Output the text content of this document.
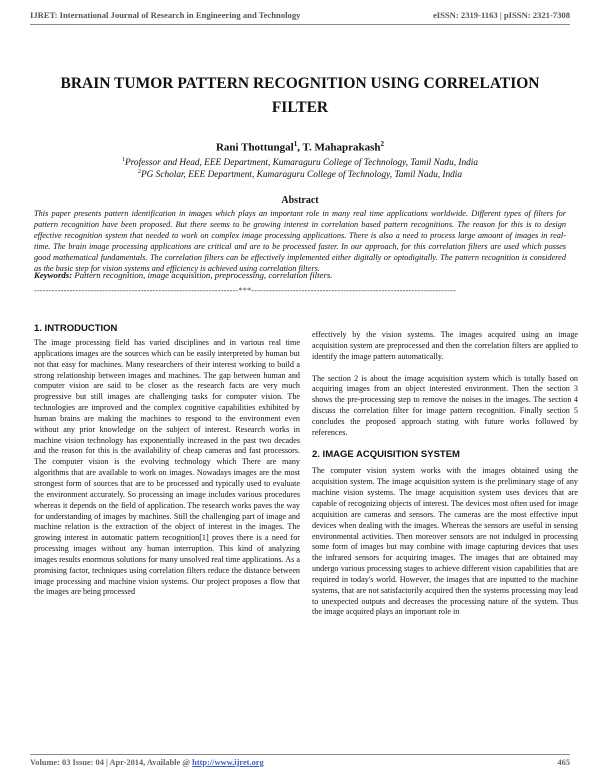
IJRET: International Journal of Research in Engineering and Technology	eISSN: 2319-1163 | pISSN: 2321-7308
BRAIN TUMOR PATTERN RECOGNITION USING CORRELATION
FILTER
Rani Thottungal$^1$, T. Mahaprakash$^2$
$^1$Professor and Head, EEE Department, Kumaraguru College of Technology, Tamil Nadu, India
$^2$PG Scholar, EEE Department, Kumaraguru College of Technology, Tamil Nadu, India
Abstract
This paper presents pattern identification in images which plays an important role in many real time applications worldwide. Different types of filters for pattern recognition have been proposed. But there seems to be growing interest in correlation based pattern recognitions. The reason for this is to design effective recognition system that needed to work on complex image processing applications. There is also a need to process large amount of images in real-time. The brain image processing applications are critical and are to be processed faster. In our approach, for this correlation filters are used which posses good mathematical fundamentals. The correlation filters can be effectively implemented either digitally or optodigitally. The pattern recognition is considered as the basic step for vision systems and efficiency is achieved using correlation filters.
Keywords: Pattern recognition, image acquisition, preprocessing, correlation filters.
---------------------------------------------------------------------***---------------------------------------------------------------------
1. INTRODUCTION

The image processing field has varied disciplines and in various real time applications images are the sources which can be easily interpreted by human but not that easy for machines. Many researchers of their interest working to build a strong relationship between images and machines. The gap between human and computer vision are said to be closer as the research facts are very much progressive but still images are challenging tasks for computer vision. The technologies are improved and the complex cognitive capabilities exhibited by human brains are making the machines to respond to the environment even without any prior knowledge on the subject of interest. Research works in machine vision technology has exponentially increased in the past two decades and the reason for this is the availability of cheap cameras and fast processors. The computer vision is the evolving technology which There are many algorithms that are available to work on images. Nowadays images are the most strongest form of sources that are to be processed and typically used to evaluate the environment accurately. So processing an image includes various procedures whereas it depends on the field of application. The research works paves the way for understanding of images by machines. Still the challenging part of image and machine relation is the extraction of the object of interest in the images. The growing interest in automatic pattern recognition[1] proves there is a need for processing images without any human interruption. This kind of analyzing images results enormous solutions for many unsolved real time applications. As a promising factor, techniques using correlation filters reduce the distance between image processing and machine vision systems. Our project proposes a flow that the images are being processed

effectively by the vision systems. The images acquired using an image acquisition system are preprocessed and then the correlation filters are applied to identify the image pattern automatically.

The section 2 is about the image acquisition system which is totally based on acquiring images from an object interested environment. Then the section 3 shows the pre-processing step to remove the noises in the images. The section 4 discuss the correlation filter for image pattern recognition. Finally section 5 concludes the proposed approach stating with future works followed by references.

2. IMAGE ACQUISITION SYSTEM

The computer vision system works with the images obtained using the acquisition system. The image acquisition system is the preliminary stage of any machine vision systems. The image acquisition system uses devices that are capable of recognizing objects of interest. The devices most often used for image acquisition are cameras and sensors. The cameras are the most effective input devices when dealing with the images. Whereas the sensors are useful in sensing environmental activities. Then moreover sensors are not indulged in processing some form of images but may combine with image capturing devices that uses the infrared sensors for acquiring images. The images that are obtained may undergo various processing stages to achieve different vision capabilities that are required in today's world. However, the images that are inputted to the machine systems, that are not satisfactorily acquired then the systems processing may lead to unexpected outputs and decreases the processing nature of the system. Thus the image acquired plays an important role in

Volume: 03 Issue: 04 | Apr-2014, Available @ http://www.ijret.org	465
